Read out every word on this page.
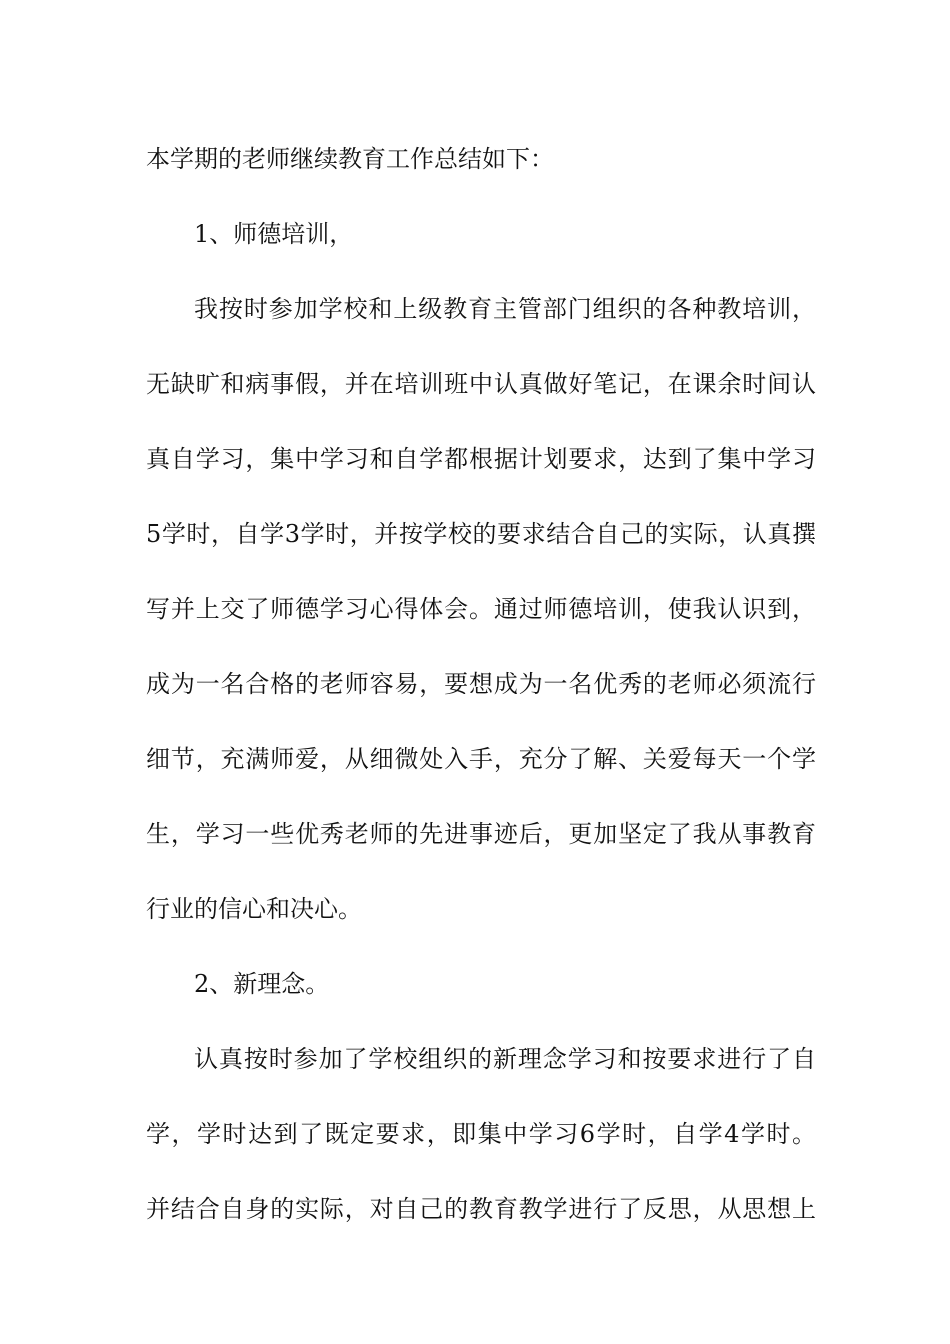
本学期的老师继续教育工作总结如下：
1、师德培训，
我按时参加学校和上级教育主管部门组织的各种教培训，
无缺旷和病事假，并在培训班中认真做好笔记，在课余时间认
真自学习，集中学习和自学都根据计划要求，达到了集中学习
5学时，自学3学时，并按学校的要求结合自己的实际，认真撰
写并上交了师德学习心得体会。通过师德培训，使我认识到，
成为一名合格的老师容易，要想成为一名优秀的老师必须流行
细节，充满师爱，从细微处入手，充分了解、关爱每天一个学
生，学习一些优秀老师的先进事迹后，更加坚定了我从事教育
行业的信心和决心。
2、新理念。
认真按时参加了学校组织的新理念学习和按要求进行了自
学，学时达到了既定要求，即集中学习6学时，自学4学时。
并结合自身的实际，对自己的教育教学进行了反思，从思想上
